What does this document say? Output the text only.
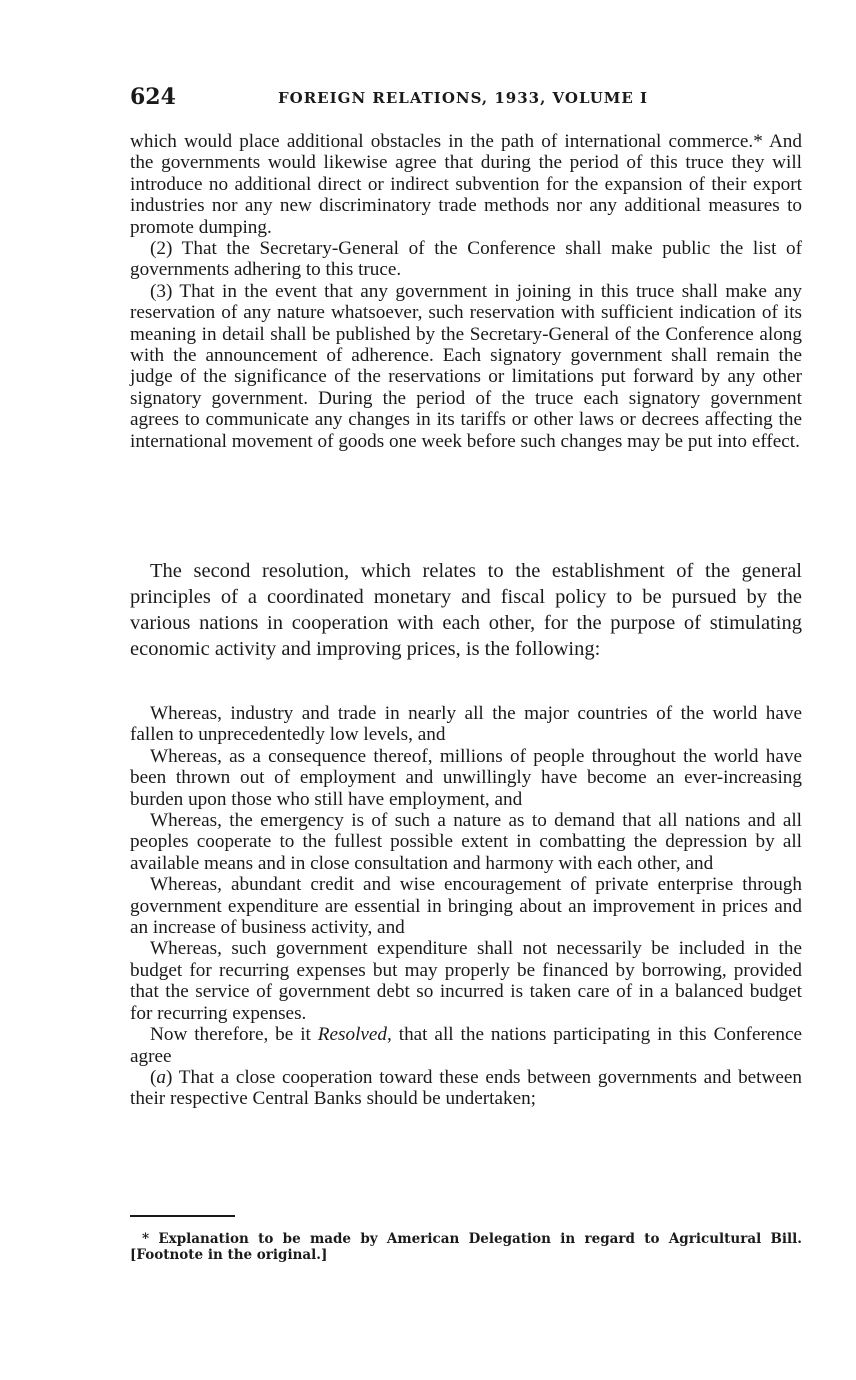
624	FOREIGN RELATIONS, 1933, VOLUME I

which would place additional obstacles in the path of international commerce.* And the governments would likewise agree that during the period of this truce they will introduce no additional direct or indirect subvention for the expansion of their export industries nor any new discriminatory trade methods nor any additional measures to promote dumping.

(2) That the Secretary-General of the Conference shall make public the list of governments adhering to this truce.

(3) That in the event that any government in joining in this truce shall make any reservation of any nature whatsoever, such reservation with sufficient indication of its meaning in detail shall be published by the Secretary-General of the Conference along with the announcement of adherence. Each signatory government shall remain the judge of the significance of the reservations or limitations put forward by any other signatory government. During the period of the truce each signatory government agrees to communicate any changes in its tariffs or other laws or decrees affecting the international movement of goods one week before such changes may be put into effect.

The second resolution, which relates to the establishment of the general principles of a coordinated monetary and fiscal policy to be pursued by the various nations in cooperation with each other, for the purpose of stimulating economic activity and improving prices, is the following:

Whereas, industry and trade in nearly all the major countries of the world have fallen to unprecedentedly low levels, and

Whereas, as a consequence thereof, millions of people throughout the world have been thrown out of employment and unwillingly have become an ever-increasing burden upon those who still have employment, and

Whereas, the emergency is of such a nature as to demand that all nations and all peoples cooperate to the fullest possible extent in combatting the depression by all available means and in close consultation and harmony with each other, and

Whereas, abundant credit and wise encouragement of private enterprise through government expenditure are essential in bringing about an improvement in prices and an increase of business activity, and

Whereas, such government expenditure shall not necessarily be included in the budget for recurring expenses but may properly be financed by borrowing, provided that the service of government debt so incurred is taken care of in a balanced budget for recurring expenses.

Now therefore, be it Resolved, that all the nations participating in this Conference agree

(a) That a close cooperation toward these ends between governments and between their respective Central Banks should be undertaken;

* Explanation to be made by American Delegation in regard to Agricultural Bill. [Footnote in the original.]
